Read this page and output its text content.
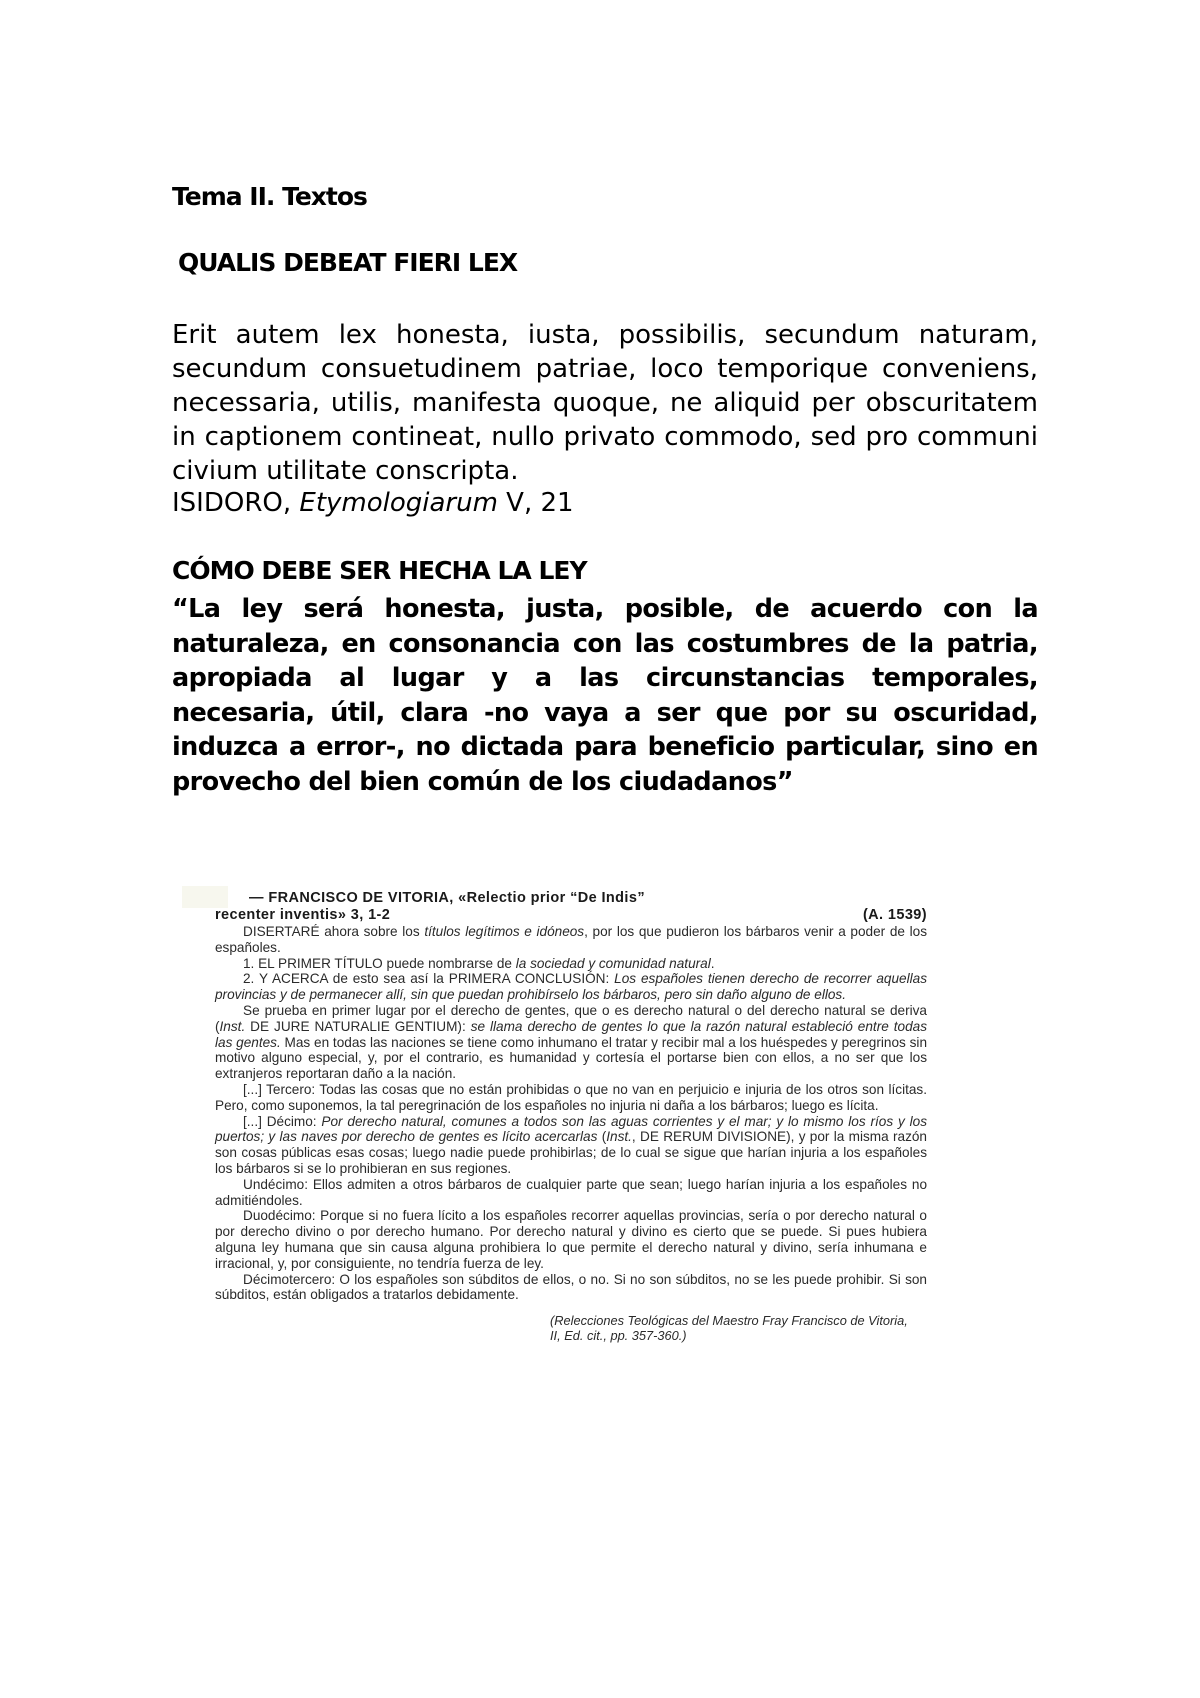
Tema II. Textos
QUALIS DEBEAT FIERI LEX

Erit autem lex honesta, iusta, possibilis, secundum naturam, secundum consuetudinem patriae, loco temporique conveniens, necessaria, utilis, manifesta quoque, ne aliquid per obscuritatem in captionem contineat, nullo privato commodo, sed pro communi civium utilitate conscripta.

ISIDORO, Etymologiarum V, 21
CÓMO DEBE SER HECHA LA LEY

“La ley será honesta, justa, posible, de acuerdo con la naturaleza, en consonancia con las costumbres de la patria, apropiada al lugar y a las circunstancias temporales, necesaria, útil, clara -no vaya a ser que por su oscuridad, induzca a error-, no dictada para beneficio particular, sino en provecho del bien común de los ciudadanos”

— FRANCISCO DE VITORIA, «Relectio prior “De Indis”
recenter inventis» 3, 1-2	(A. 1539)

DISERTARÉ ahora sobre los títulos legítimos e idóneos, por los que pudieron los bárbaros venir a poder de los españoles.

1. EL PRIMER TÍTULO puede nombrarse de la sociedad y comunidad natural.

2. Y ACERCA de esto sea así la PRIMERA CONCLUSIÓN: Los españoles tienen derecho de recorrer aquellas provincias y de permanecer allí, sin que puedan prohibírselo los bárbaros, pero sin daño alguno de ellos.

Se prueba en primer lugar por el derecho de gentes, que o es derecho natural o del derecho natural se deriva (Inst. DE JURE NATURALIE GENTIUM): se llama derecho de gentes lo que la razón natural estableció entre todas las gentes. Mas en todas las naciones se tiene como inhumano el tratar y recibir mal a los huéspedes y peregrinos sin motivo alguno especial, y, por el contrario, es humanidad y cortesía el portarse bien con ellos, a no ser que los extranjeros reportaran daño a la nación.

[...] Tercero: Todas las cosas que no están prohibidas o que no van en perjuicio e injuria de los otros son lícitas. Pero, como suponemos, la tal peregrinación de los españoles no injuria ni daña a los bárbaros; luego es lícita.

[...] Décimo: Por derecho natural, comunes a todos son las aguas corrientes y el mar; y lo mismo los ríos y los puertos; y las naves por derecho de gentes es lícito acercarlas (Inst., DE RERUM DIVISIONE), y por la misma razón son cosas públicas esas cosas; luego nadie puede prohibirlas; de lo cual se sigue que harían injuria a los españoles los bárbaros si se lo prohibieran en sus regiones.

Undécimo: Ellos admiten a otros bárbaros de cualquier parte que sean; luego harían injuria a los españoles no admitiéndoles.

Duodécimo: Porque si no fuera lícito a los españoles recorrer aquellas provincias, sería o por derecho natural o por derecho divino o por derecho humano. Por derecho natural y divino es cierto que se puede. Si pues hubiera alguna ley humana que sin causa alguna prohibiera lo que permite el derecho natural y divino, sería inhumana e irracional, y, por consiguiente, no tendría fuerza de ley.

Décimotercero: O los españoles son súbditos de ellos, o no. Si no son súbditos, no se les puede prohibir. Si son súbditos, están obligados a tratarlos debidamente.

(Relecciones Teológicas del Maestro Fray Francisco de Vitoria, II, Ed. cit., pp. 357-360.)
